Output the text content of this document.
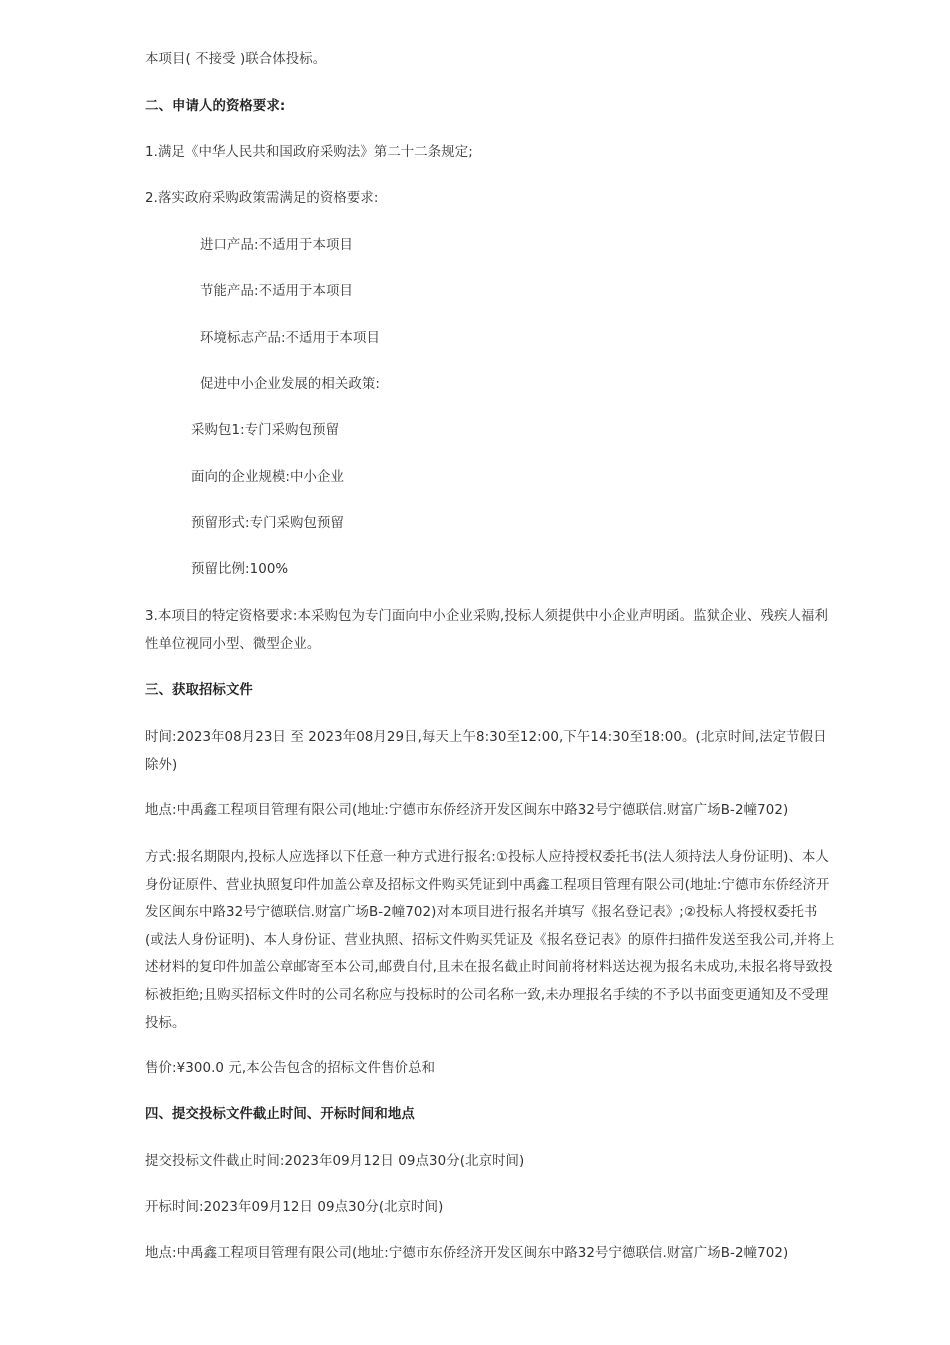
本项目( 不接受 )联合体投标。
二、申请人的资格要求:
1.满足《中华人民共和国政府采购法》第二十二条规定;
2.落实政府采购政策需满足的资格要求:
进口产品:不适用于本项目
节能产品:不适用于本项目
环境标志产品:不适用于本项目
促进中小企业发展的相关政策:
采购包1:专门采购包预留
面向的企业规模:中小企业
预留形式:专门采购包预留
预留比例:100%
3.本项目的特定资格要求:本采购包为专门面向中小企业采购,投标人须提供中小企业声明函。监狱企业、残疾人福利性单位视同小型、微型企业。
三、获取招标文件
时间:2023年08月23日 至 2023年08月29日,每天上午8:30至12:00,下午14:30至18:00。(北京时间,法定节假日除外)
地点:中禹鑫工程项目管理有限公司(地址:宁德市东侨经济开发区闽东中路32号宁德联信.财富广场B-2幢702)
方式:报名期限内,投标人应选择以下任意一种方式进行报名:①投标人应持授权委托书(法人须持法人身份证明)、本人身份证原件、营业执照复印件加盖公章及招标文件购买凭证到中禹鑫工程项目管理有限公司(地址:宁德市东侨经济开发区闽东中路32号宁德联信.财富广场B-2幢702)对本项目进行报名并填写《报名登记表》;②投标人将授权委托书(或法人身份证明)、本人身份证、营业执照、招标文件购买凭证及《报名登记表》的原件扫描件发送至我公司,并将上述材料的复印件加盖公章邮寄至本公司,邮费自付,且未在报名截止时间前将材料送达视为报名未成功,未报名将导致投标被拒绝;且购买招标文件时的公司名称应与投标时的公司名称一致,未办理报名手续的不予以书面变更通知及不受理投标。
售价:¥300.0 元,本公告包含的招标文件售价总和
四、提交投标文件截止时间、开标时间和地点
提交投标文件截止时间:2023年09月12日 09点30分(北京时间)
开标时间:2023年09月12日 09点30分(北京时间)
地点:中禹鑫工程项目管理有限公司(地址:宁德市东侨经济开发区闽东中路32号宁德联信.财富广场B-2幢702)
